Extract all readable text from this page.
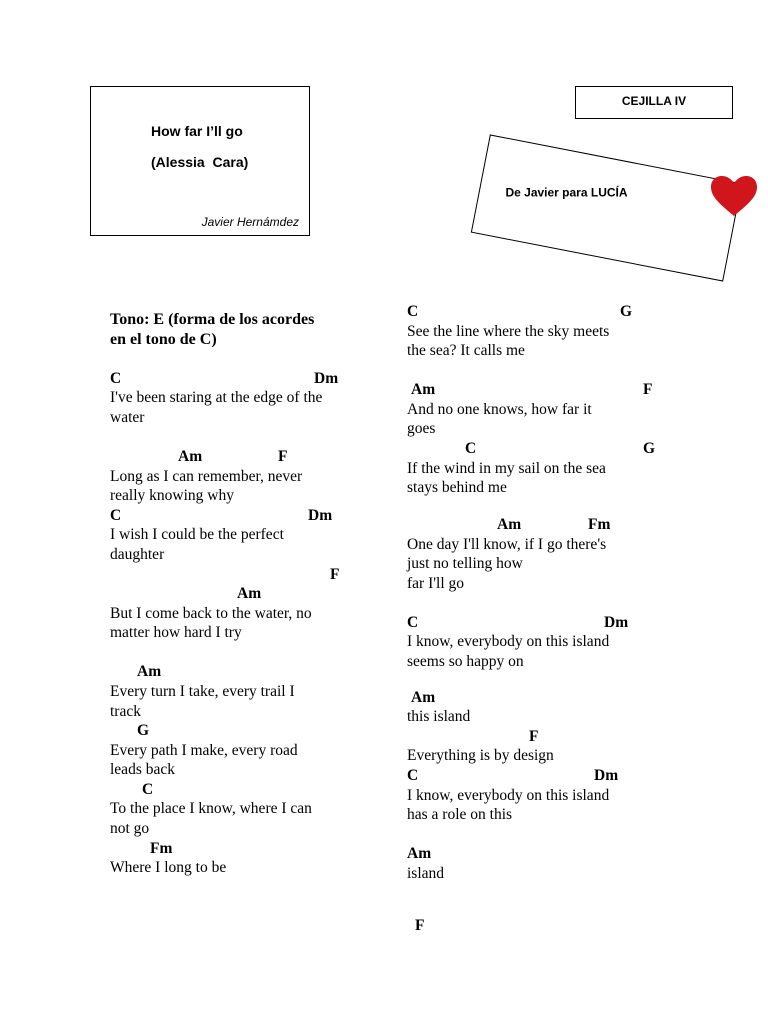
How far I’ll go
(Alessia  Cara)
Javier Hernámdez
CEJILLA IV
De Javier para LUCÍA
Tono: E (forma de los acordes
en el tono de C)
C	Dm
I've been staring at the edge of the
water
Am	F
Long as I can remember, never
really knowing why
C	Dm
I wish I could be the perfect
daughter
F
Am
But I come back to the water, no
matter how hard I try
Am
Every turn I take, every trail I
track
G
Every path I make, every road
leads back
C
To the place I know, where I can
not go
Fm
Where I long to be
C	G
See the line where the sky meets
the sea? It calls me
Am	F
And no one knows, how far it
goes
C	G
If the wind in my sail on the sea
stays behind me
Am	Fm
One day I'll know, if I go there's
just no telling how
far I'll go
C	Dm
I know, everybody on this island
seems so happy on
Am
this island
F
Everything is by design
C	Dm
I know, everybody on this island
has a role on this
Am
island
F
